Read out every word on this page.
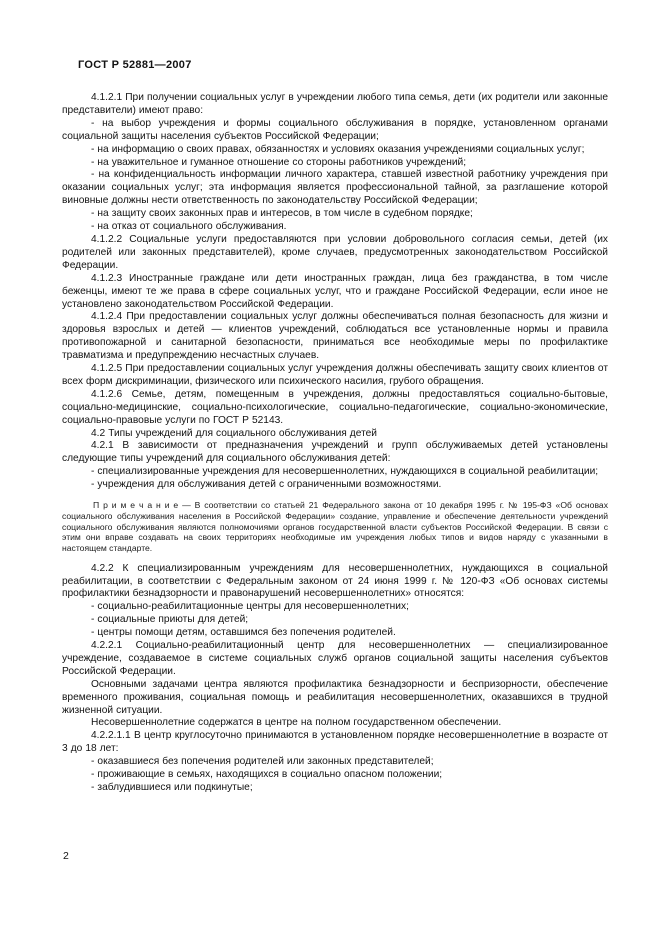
ГОСТ Р 52881—2007

4.1.2.1 При получении социальных услуг в учреждении любого типа семья, дети (их родители или законные представители) имеют право:

- на выбор учреждения и формы социального обслуживания в порядке, установленном органами социальной защиты населения субъектов Российской Федерации;

- на информацию о своих правах, обязанностях и условиях оказания учреждениями социальных услуг;

- на уважительное и гуманное отношение со стороны работников учреждений;

- на конфиденциальность информации личного характера, ставшей известной работнику учреждения при оказании социальных услуг; эта информация является профессиональной тайной, за разглашение которой виновные должны нести ответственность по законодательству Российской Федерации;

- на защиту своих законных прав и интересов, в том числе в судебном порядке;

- на отказ от социального обслуживания.

4.1.2.2 Социальные услуги предоставляются при условии добровольного согласия семьи, детей (их родителей или законных представителей), кроме случаев, предусмотренных законодательством Российской Федерации.

4.1.2.3 Иностранные граждане или дети иностранных граждан, лица без гражданства, в том числе беженцы, имеют те же права в сфере социальных услуг, что и граждане Российской Федерации, если иное не установлено законодательством Российской Федерации.

4.1.2.4 При предоставлении социальных услуг должны обеспечиваться полная безопасность для жизни и здоровья взрослых и детей — клиентов учреждений, соблюдаться все установленные нормы и правила противопожарной и санитарной безопасности, приниматься все необходимые меры по профилактике травматизма и предупреждению несчастных случаев.

4.1.2.5 При предоставлении социальных услуг учреждения должны обеспечивать защиту своих клиентов от всех форм дискриминации, физического или психического насилия, грубого обращения.

4.1.2.6 Семье, детям, помещенным в учреждения, должны предоставляться социально-бытовые, социально-медицинские, социально-психологические, социально-педагогические, социально-экономические, социально-правовые услуги по ГОСТ Р 52143.

4.2 Типы учреждений для социального обслуживания детей

4.2.1 В зависимости от предназначения учреждений и групп обслуживаемых детей установлены следующие типы учреждений для социального обслуживания детей:

- специализированные учреждения для несовершеннолетних, нуждающихся в социальной реабилитации;

- учреждения для обслуживания детей с ограниченными возможностями.

П р и м е ч а н и е — В соответствии со статьей 21 Федерального закона от 10 декабря 1995 г. № 195-ФЗ «Об основах социального обслуживания населения в Российской Федерации» создание, управление и обеспечение деятельности учреждений социального обслуживания являются полномочиями органов государственной власти субъектов Российской Федерации. В связи с этим они вправе создавать на своих территориях необходимые им учреждения любых типов и видов наряду с указанными в настоящем стандарте.

4.2.2 К специализированным учреждениям для несовершеннолетних, нуждающихся в социальной реабилитации, в соответствии с Федеральным законом от 24 июня 1999 г. № 120-ФЗ «Об основах системы профилактики безнадзорности и правонарушений несовершеннолетних» относятся:

- социально-реабилитационные центры для несовершеннолетних;

- социальные приюты для детей;

- центры помощи детям, оставшимся без попечения родителей.

4.2.2.1 Социально-реабилитационный центр для несовершеннолетних — специализированное учреждение, создаваемое в системе социальных служб органов социальной защиты населения субъектов Российской Федерации.

Основными задачами центра являются профилактика безнадзорности и беспризорности, обеспечение временного проживания, социальная помощь и реабилитация несовершеннолетних, оказавшихся в трудной жизненной ситуации.

Несовершеннолетние содержатся в центре на полном государственном обеспечении.

4.2.2.1.1 В центр круглосуточно принимаются в установленном порядке несовершеннолетние в возрасте от 3 до 18 лет:

- оказавшиеся без попечения родителей или законных представителей;

- проживающие в семьях, находящихся в социально опасном положении;

- заблудившиеся или подкинутые;

2
